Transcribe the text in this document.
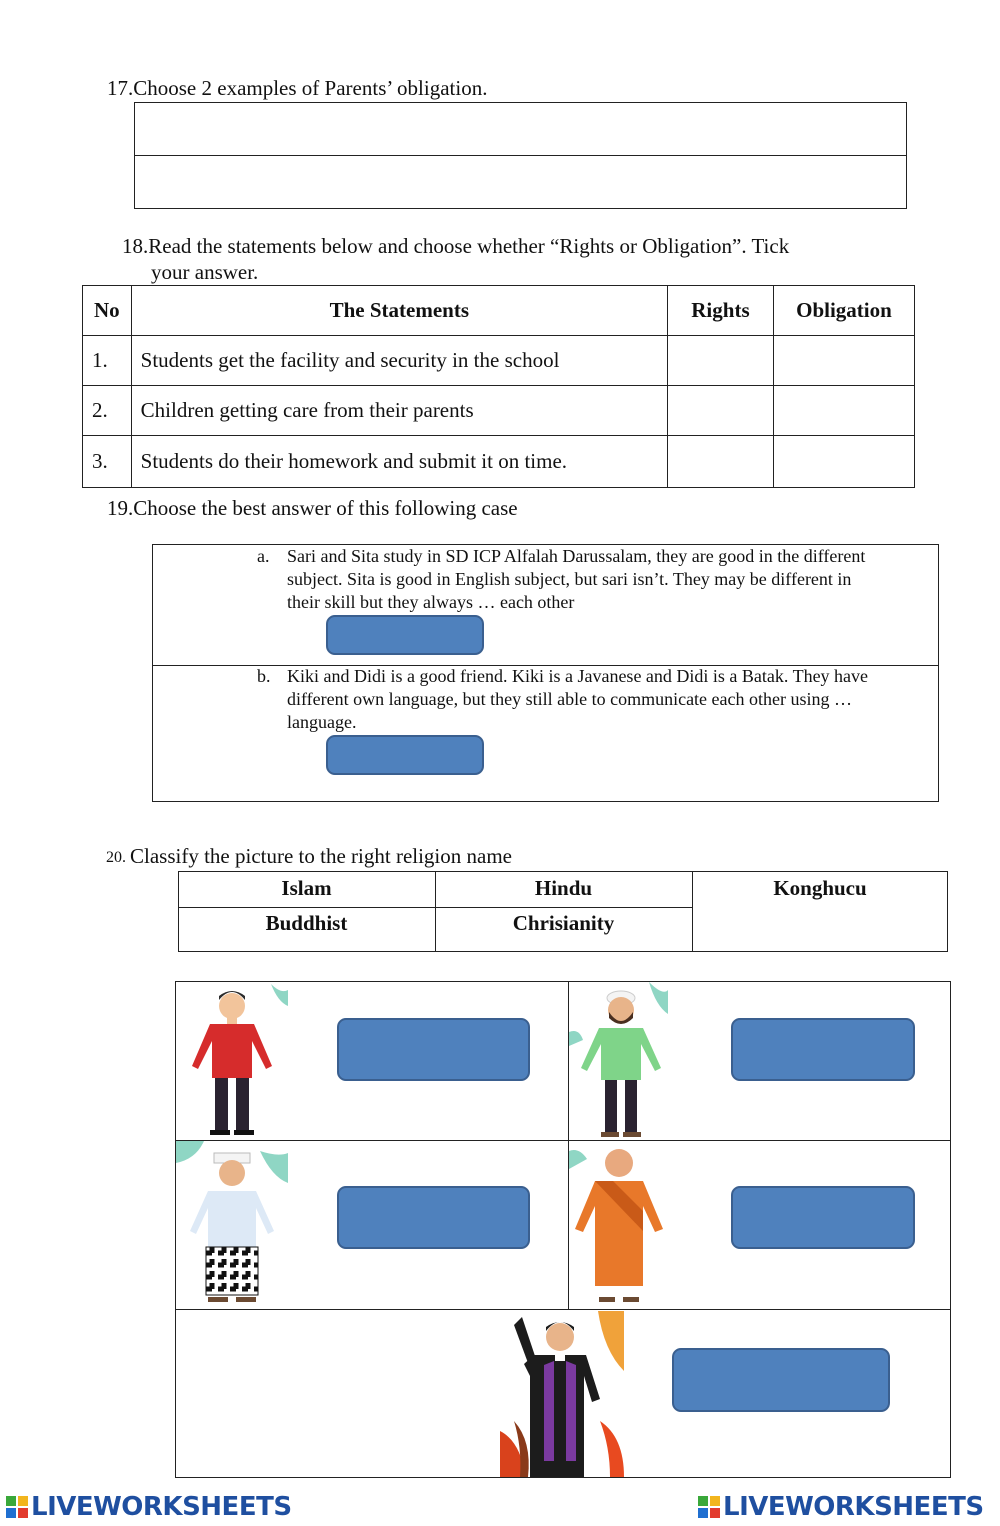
17.Choose 2 examples of Parents’ obligation.
18.Read the statements below and choose whether “Rights or Obligation”. Tick
your answer.
No	The Statements	Rights	Obligation
1.	Students get the facility and security in the school		
2.	Children getting care from their parents		
3.	Students do their homework and submit it on time.		
19.Choose the best answer of this following case
a. Sari and Sita study in SD ICP Alfalah Darussalam, they are good in the different
subject. Sita is good in English subject, but sari isn’t. They may be different in
their skill but they always … each other
b. Kiki and Didi is a good friend. Kiki is a Javanese and Didi is a Batak. They have
different own language, but they still able to communicate each other using …
language.
20. Classify the picture to the right religion name
Islam	Hindu	Konghucu
Buddhist	Chrisianity
LIVEWORKSHEETS	LIVEWORKSHEETS
